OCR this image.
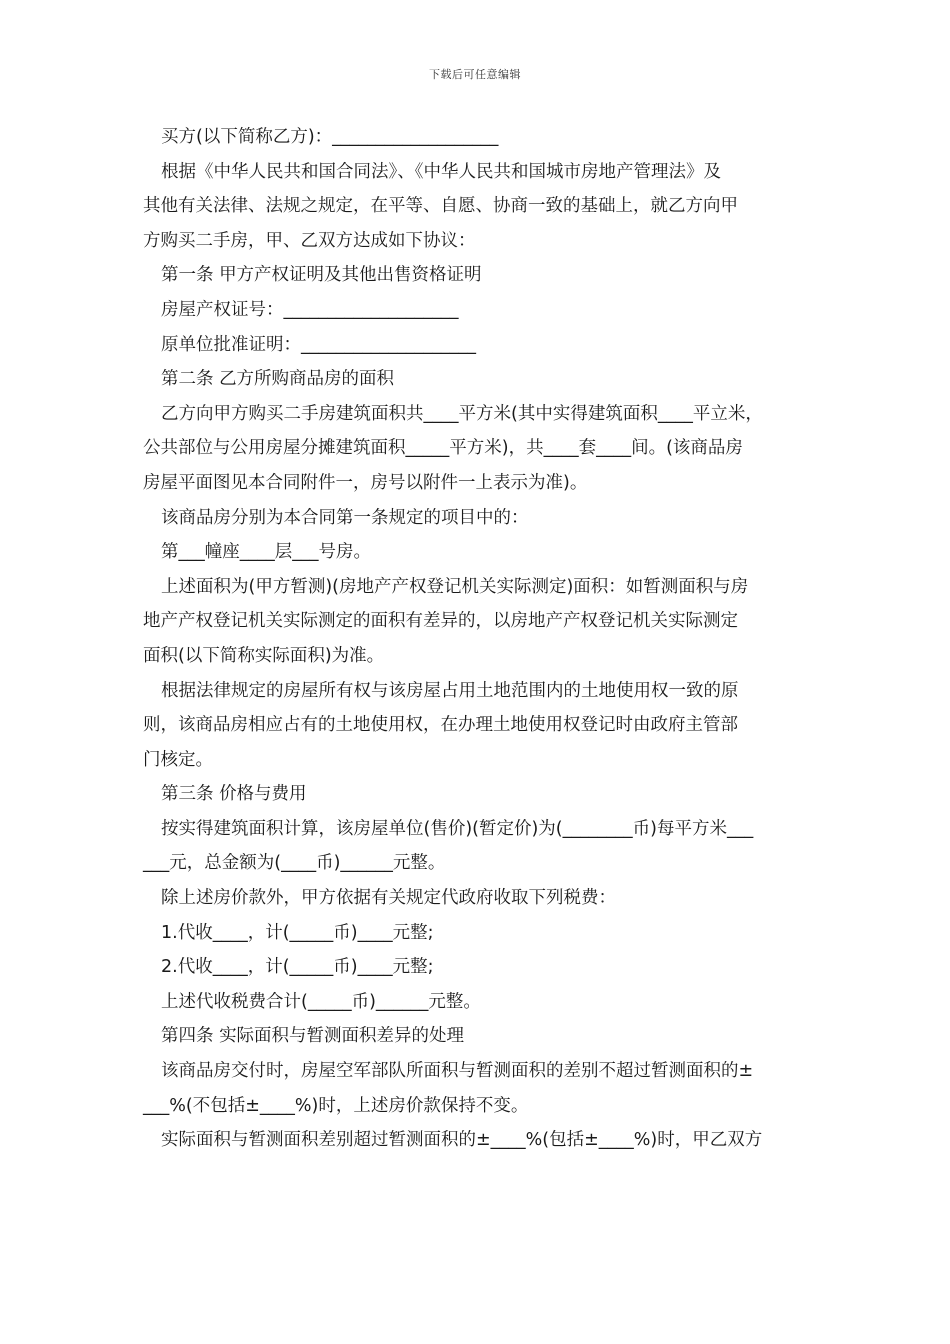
下载后可任意编辑
买方(以下简称乙方)：___________________
根据《中华人民共和国合同法》、《中华人民共和国城市房地产管理法》及
其他有关法律、法规之规定，在平等、自愿、协商一致的基础上，就乙方向甲
方购买二手房，甲、乙双方达成如下协议：
第一条 甲方产权证明及其他出售资格证明
房屋产权证号：____________________
原单位批准证明：____________________
第二条 乙方所购商品房的面积
乙方向甲方购买二手房建筑面积共____平方米(其中实得建筑面积____平立米，
公共部位与公用房屋分摊建筑面积_____平方米)，共____套____间。(该商品房
房屋平面图见本合同附件一，房号以附件一上表示为准)。
该商品房分别为本合同第一条规定的项目中的：
第___幢座____层___号房。
上述面积为(甲方暂测)(房地产产权登记机关实际测定)面积：如暂测面积与房
地产产权登记机关实际测定的面积有差异的，以房地产产权登记机关实际测定
面积(以下简称实际面积)为准。
根据法律规定的房屋所有权与该房屋占用土地范围内的土地使用权一致的原
则，该商品房相应占有的土地使用权，在办理土地使用权登记时由政府主管部
门核定。
第三条 价格与费用
按实得建筑面积计算，该房屋单位(售价)(暂定价)为(________币)每平方米___
___元，总金额为(____币)______元整。
除上述房价款外，甲方依据有关规定代政府收取下列税费：
1.代收____，计(_____币)____元整;
2.代收____，计(_____币)____元整;
上述代收税费合计(_____币)______元整。
第四条 实际面积与暂测面积差异的处理
该商品房交付时，房屋空军部队所面积与暂测面积的差别不超过暂测面积的±
___%(不包括±____%)时，上述房价款保持不变。
实际面积与暂测面积差别超过暂测面积的±____%(包括±____%)时，甲乙双方
